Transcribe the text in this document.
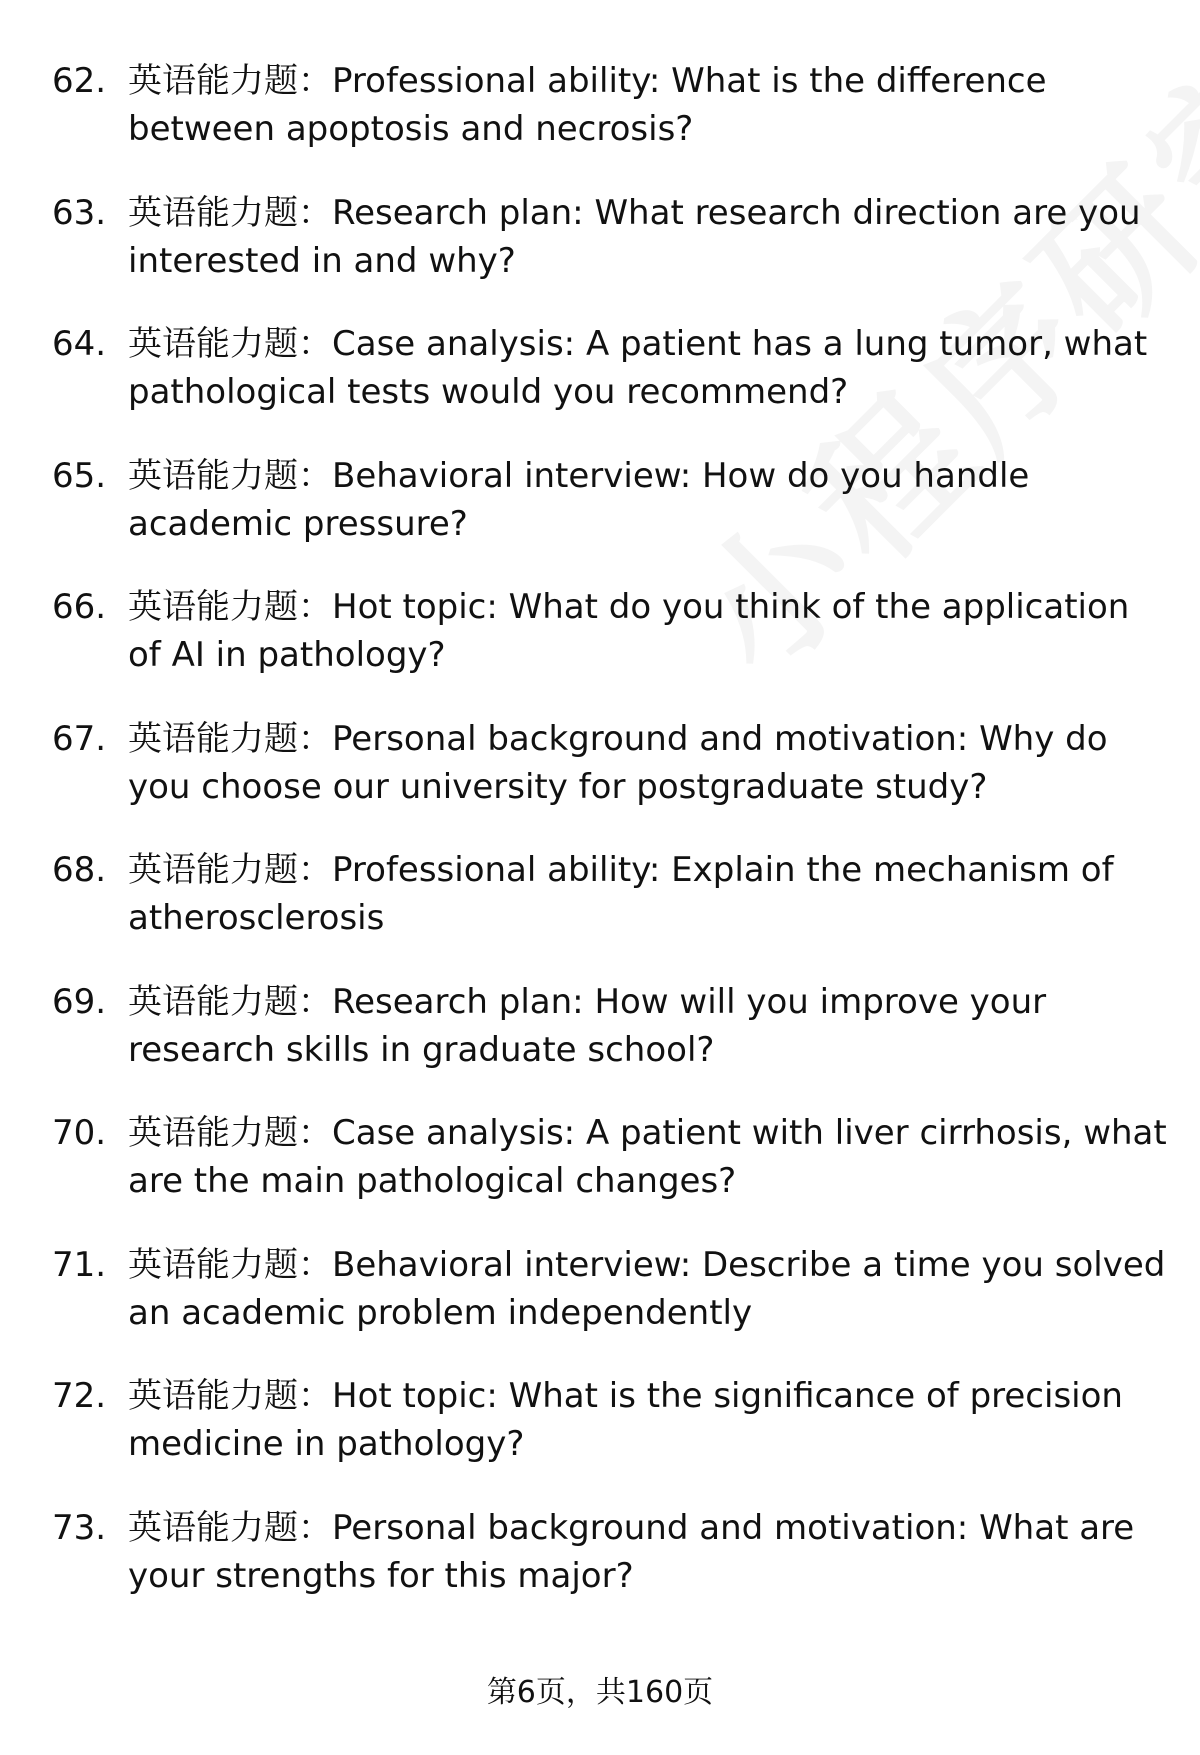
62. 英语能力题：Professional ability: What is the difference between apoptosis and necrosis?
63. 英语能力题：Research plan: What research direction are you interested in and why?
64. 英语能力题：Case analysis: A patient has a lung tumor, what pathological tests would you recommend?
65. 英语能力题：Behavioral interview: How do you handle academic pressure?
66. 英语能力题：Hot topic: What do you think of the application of AI in pathology?
67. 英语能力题：Personal background and motivation: Why do you choose our university for postgraduate study?
68. 英语能力题：Professional ability: Explain the mechanism of atherosclerosis
69. 英语能力题：Research plan: How will you improve your research skills in graduate school?
70. 英语能力题：Case analysis: A patient with liver cirrhosis, what are the main pathological changes?
71. 英语能力题：Behavioral interview: Describe a time you solved an academic problem independently
72. 英语能力题：Hot topic: What is the significance of precision medicine in pathology?
73. 英语能力题：Personal background and motivation: What are your strengths for this major?
第6页，共160页
